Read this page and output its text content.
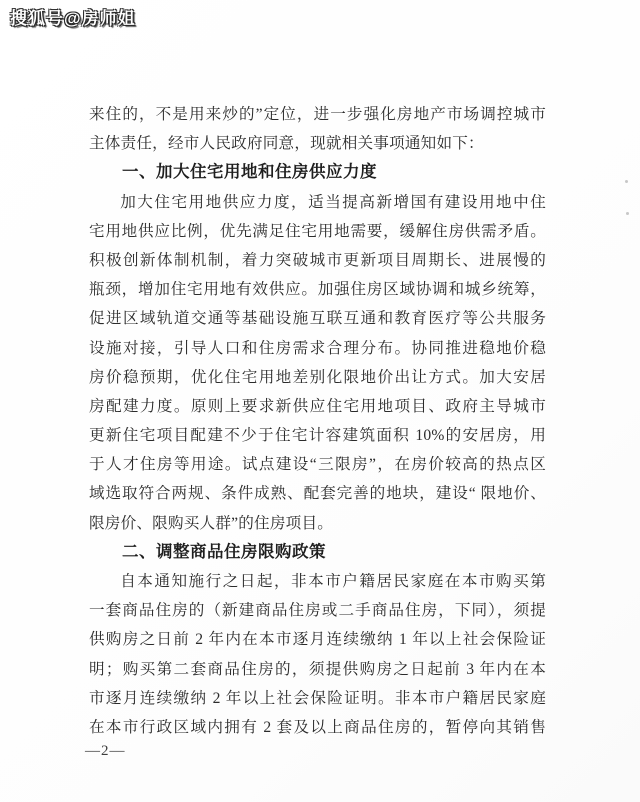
搜狐号@房师姐
来住的，不是用来炒的”定位，进一步强化房地产市场调控城市
主体责任，经市人民政府同意，现就相关事项通知如下：
一、加大住宅用地和住房供应力度
加大住宅用地供应力度，适当提高新增国有建设用地中住
宅用地供应比例，优先满足住宅用地需要，缓解住房供需矛盾。
积极创新体制机制，着力突破城市更新项目周期长、进展慢的
瓶颈，增加住宅用地有效供应。加强住房区域协调和城乡统筹，
促进区域轨道交通等基础设施互联互通和教育医疗等公共服务
设施对接，引导人口和住房需求合理分布。协同推进稳地价稳
房价稳预期，优化住宅用地差别化限地价出让方式。加大安居
房配建力度。原则上要求新供应住宅用地项目、政府主导城市
更新住宅项目配建不少于住宅计容建筑面积 10%的安居房，用
于人才住房等用途。试点建设“三限房”，在房价较高的热点区
域选取符合两规、条件成熟、配套完善的地块，建设“ 限地价、
限房价、限购买人群”的住房项目。
二、调整商品住房限购政策
自本通知施行之日起，非本市户籍居民家庭在本市购买第
一套商品住房的（新建商品住房或二手商品住房，下同），须提
供购房之日前 2 年内在本市逐月连续缴纳 1 年以上社会保险证
明；购买第二套商品住房的，须提供购房之日起前 3 年内在本
市逐月连续缴纳 2 年以上社会保险证明。非本市户籍居民家庭
在本市行政区域内拥有 2 套及以上商品住房的，暂停向其销售
—2—
